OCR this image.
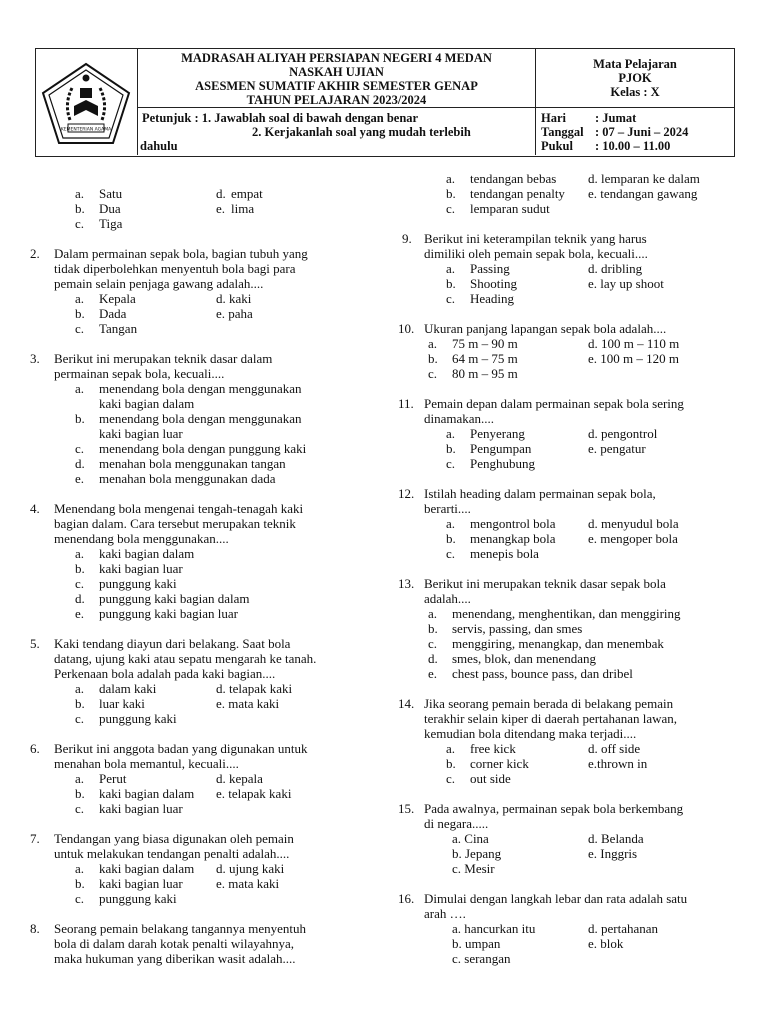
KEMENTERIAN AGAMA
MADRASAH ALIYAH PERSIAPAN NEGERI 4 MEDAN
NASKAH UJIAN
ASESMEN SUMATIF AKHIR SEMESTER GENAP
TAHUN PELAJARAN 2023/2024
Mata Pelajaran
PJOK
Kelas : X
Petunjuk : 1. Jawablah soal di bawah dengan benar
2. Kerjakanlah soal yang mudah terlebih
dahulu
Hari : Jumat
Tanggal : 07 – Juni – 2024
Pukul : 10.00 – 11.00
a. Satu	d. empat
b. Dua	e. lima
c. Tiga
2. Dalam permainan sepak bola, bagian tubuh yang
tidak diperbolehkan menyentuh bola bagi para
pemain selain penjaga gawang adalah....
a. Kepala	d. kaki
b. Dada	e. paha
c. Tangan
3. Berikut ini merupakan teknik dasar dalam
permainan sepak bola, kecuali....
a. menendang bola dengan menggunakan
kaki bagian dalam
b. menendang bola dengan menggunakan
kaki bagian luar
c. menendang bola dengan punggung kaki
d. menahan bola menggunakan tangan
e. menahan bola menggunakan dada
4. Menendang bola mengenai tengah-tenagah kaki
bagian dalam. Cara tersebut merupakan teknik
menendang bola menggunakan....
a. kaki bagian dalam
b. kaki bagian luar
c. punggung kaki
d. punggung kaki bagian dalam
e. punggung kaki bagian luar
5. Kaki tendang diayun dari belakang. Saat bola
datang, ujung kaki atau sepatu mengarah ke tanah.
Perkenaan bola adalah pada kaki bagian....
a. dalam kaki	d. telapak kaki
b. luar kaki	e. mata kaki
c. punggung kaki
6. Berikut ini anggota badan yang digunakan untuk
menahan bola memantul, kecuali....
a. Perut	d. kepala
b. kaki bagian dalam e. telapak kaki
c. kaki bagian luar
7. Tendangan yang biasa digunakan oleh pemain
untuk melakukan tendangan penalti adalah....
a. kaki bagian dalam d. ujung kaki
b. kaki bagian luar	e. mata kaki
c. punggung kaki
8. Seorang pemain belakang tangannya menyentuh
bola di dalam darah kotak penalti wilayahnya,
maka hukuman yang diberikan wasit adalah....
a. tendangan bebas d. lemparan ke dalam
b. tendangan penalty e. tendangan gawang
c. lemparan sudut
9. Berikut ini keterampilan teknik yang harus
dimiliki oleh pemain sepak bola, kecuali....
a. Passing	d. dribling
b. Shooting	e. lay up shoot
c. Heading
10. Ukuran panjang lapangan sepak bola adalah....
a. 75 m – 90 m	d. 100 m – 110 m
b. 64 m – 75 m	e. 100 m – 120 m
c. 80 m – 95 m
11. Pemain depan dalam permainan sepak bola sering
dinamakan....
a. Penyerang	d. pengontrol
b. Pengumpan	e. pengatur
c. Penghubung
12. Istilah heading dalam permainan sepak bola,
berarti....
a. mengontrol bola d. menyudul bola
b. menangkap bola e. mengoper bola
c. menepis bola
13. Berikut ini merupakan teknik dasar sepak bola
adalah....
a. menendang, menghentikan, dan menggiring
b. servis, passing, dan smes
c. menggiring, menangkap, dan menembak
d. smes, blok, dan menendang
e. chest pass, bounce pass, dan dribel
14. Jika seorang pemain berada di belakang pemain
terakhir selain kiper di daerah pertahanan lawan,
kemudian bola ditendang maka terjadi....
a. free kick	d. off side
b. corner kick	e.thrown in
c. out side
15. Pada awalnya, permainan sepak bola berkembang
di negara.....
a. Cina	d. Belanda
b. Jepang	e. Inggris
c. Mesir
16. Dimulai dengan langkah lebar dan rata adalah satu
arah ….
a. hancurkan itu	d. pertahanan
b. umpan	e. blok
c. serangan
